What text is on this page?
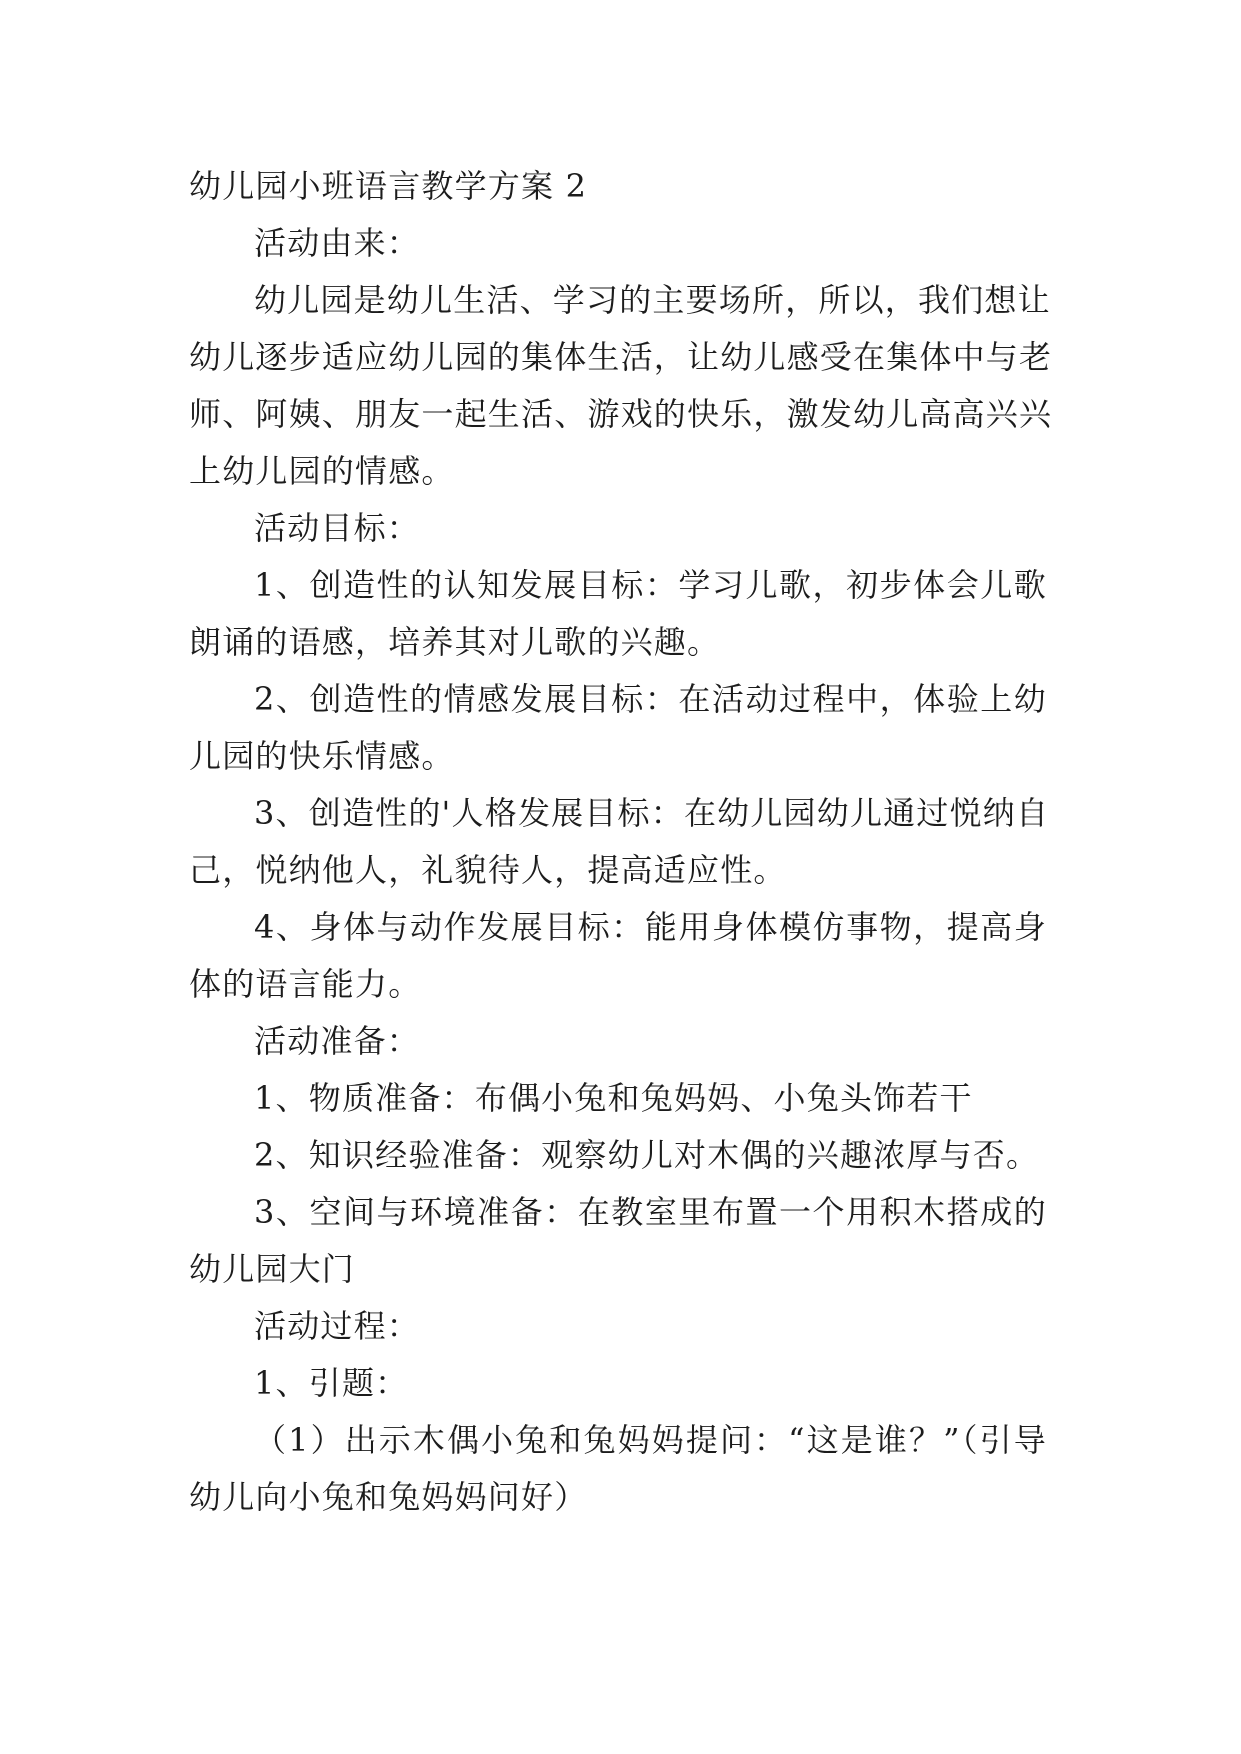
幼儿园小班语言教学方案 2
活动由来：
幼儿园是幼儿生活、学习的主要场所，所以，我们想让
幼儿逐步适应幼儿园的集体生活，让幼儿感受在集体中与老
师、阿姨、朋友一起生活、游戏的快乐，激发幼儿高高兴兴
上幼儿园的情感。
活动目标：
1、创造性的认知发展目标：学习儿歌，初步体会儿歌
朗诵的语感，培养其对儿歌的兴趣。
2、创造性的情感发展目标：在活动过程中，体验上幼
儿园的快乐情感。
3、创造性的'人格发展目标：在幼儿园幼儿通过悦纳自
己，悦纳他人，礼貌待人，提高适应性。
4、身体与动作发展目标：能用身体模仿事物，提高身
体的语言能力。
活动准备：
1、物质准备：布偶小兔和兔妈妈、小兔头饰若干
2、知识经验准备：观察幼儿对木偶的兴趣浓厚与否。
3、空间与环境准备：在教室里布置一个用积木搭成的
幼儿园大门
活动过程：
1、引题：
（1）出示木偶小兔和兔妈妈提问：“这是谁？”（引导
幼儿向小兔和兔妈妈问好）
